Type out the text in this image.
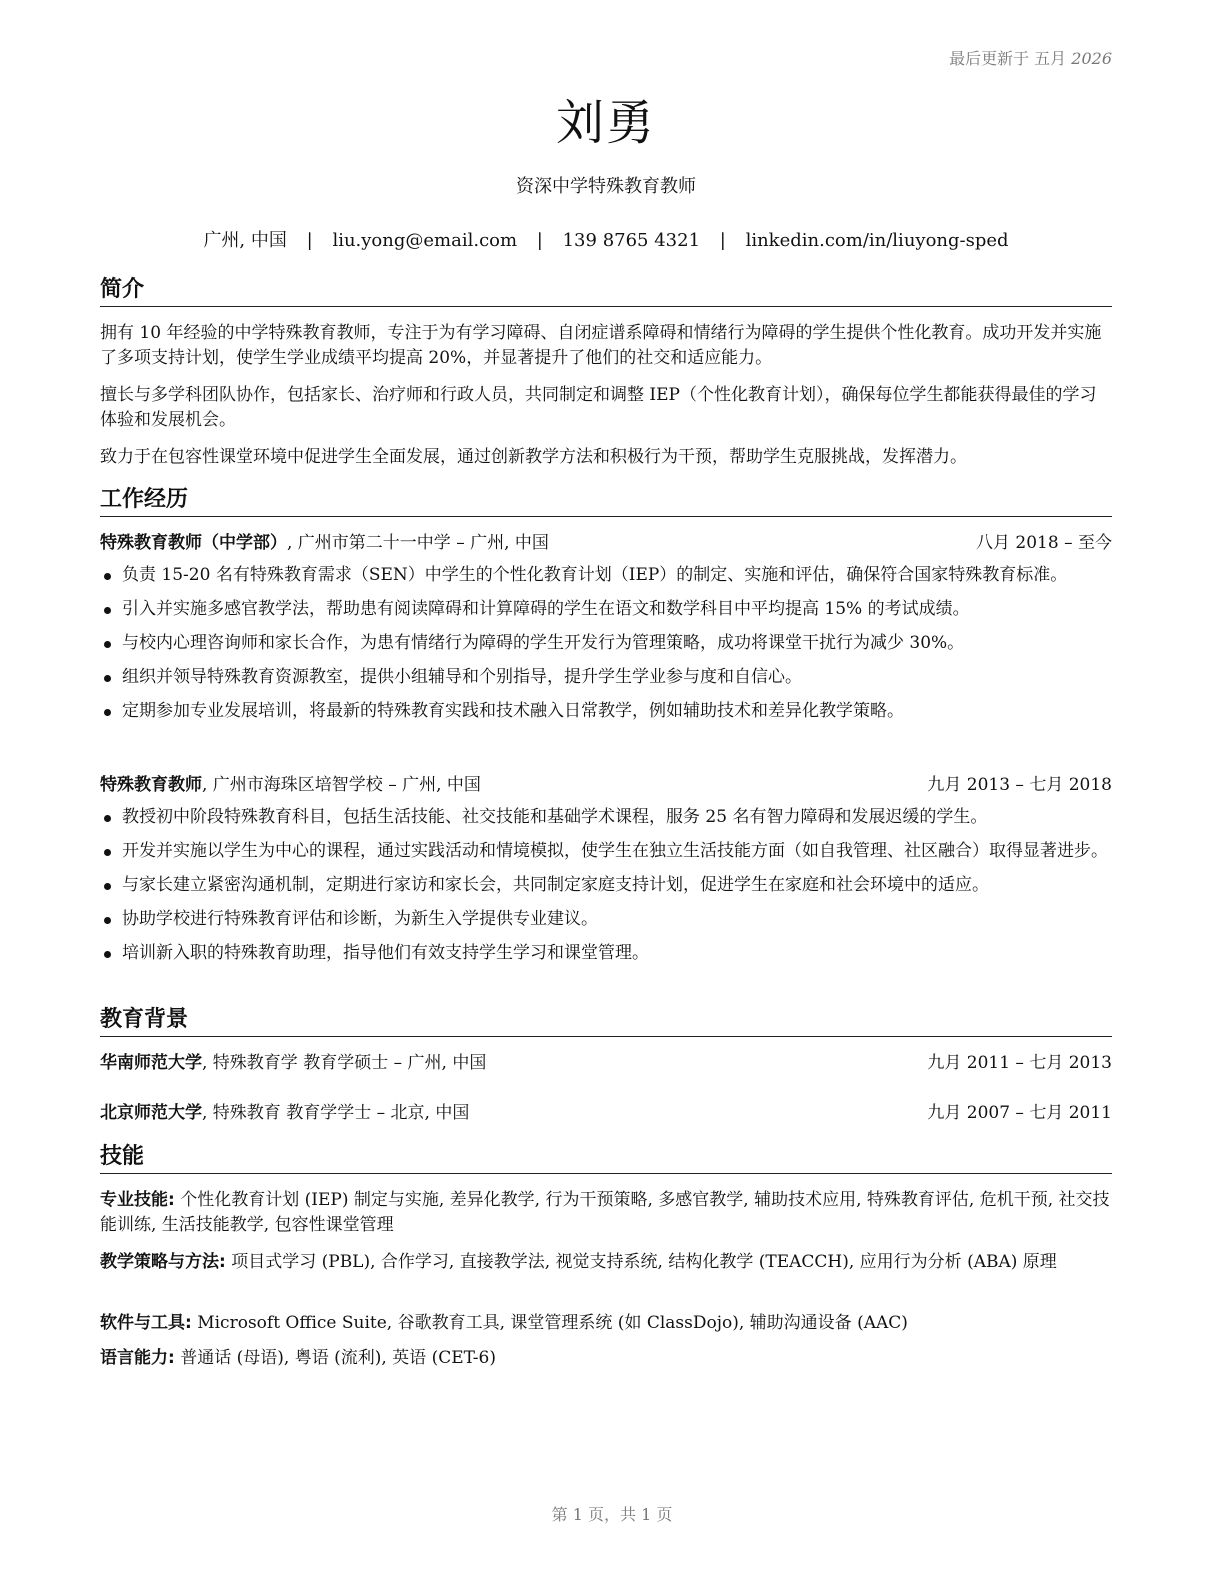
最后更新于 五月 2026
刘勇
资深中学特殊教育教师
广州, 中国 | liu.yong@email.com | 139 8765 4321 | linkedin.com/in/liuyong-sped
简介
拥有 10 年经验的中学特殊教育教师，专注于为有学习障碍、自闭症谱系障碍和情绪行为障碍的学生提供个性化教育。成功开发并实施了多项支持计划，使学生学业成绩平均提高 20%，并显著提升了他们的社交和适应能力。
擅长与多学科团队协作，包括家长、治疗师和行政人员，共同制定和调整 IEP（个性化教育计划），确保每位学生都能获得最佳的学习体验和发展机会。
致力于在包容性课堂环境中促进学生全面发展，通过创新教学方法和积极行为干预，帮助学生克服挑战，发挥潜力。
工作经历
特殊教育教师（中学部）, 广州市第二十一中学 – 广州, 中国	八月 2018 – 至今
负责 15-20 名有特殊教育需求（SEN）中学生的个性化教育计划（IEP）的制定、实施和评估，确保符合国家特殊教育标准。
引入并实施多感官教学法，帮助患有阅读障碍和计算障碍的学生在语文和数学科目中平均提高 15% 的考试成绩。
与校内心理咨询师和家长合作，为患有情绪行为障碍的学生开发行为管理策略，成功将课堂干扰行为减少 30%。
组织并领导特殊教育资源教室，提供小组辅导和个别指导，提升学生学业参与度和自信心。
定期参加专业发展培训，将最新的特殊教育实践和技术融入日常教学，例如辅助技术和差异化教学策略。
特殊教育教师, 广州市海珠区培智学校 – 广州, 中国	九月 2013 – 七月 2018
教授初中阶段特殊教育科目，包括生活技能、社交技能和基础学术课程，服务 25 名有智力障碍和发展迟缓的学生。
开发并实施以学生为中心的课程，通过实践活动和情境模拟，使学生在独立生活技能方面（如自我管理、社区融合）取得显著进步。
与家长建立紧密沟通机制，定期进行家访和家长会，共同制定家庭支持计划，促进学生在家庭和社会环境中的适应。
协助学校进行特殊教育评估和诊断，为新生入学提供专业建议。
培训新入职的特殊教育助理，指导他们有效支持学生学习和课堂管理。
教育背景
华南师范大学, 特殊教育学 教育学硕士 – 广州, 中国	九月 2011 – 七月 2013
北京师范大学, 特殊教育 教育学学士 – 北京, 中国	九月 2007 – 七月 2011
技能
专业技能: 个性化教育计划 (IEP) 制定与实施, 差异化教学, 行为干预策略, 多感官教学, 辅助技术应用, 特殊教育评估, 危机干预, 社交技能训练, 生活技能教学, 包容性课堂管理
教学策略与方法: 项目式学习 (PBL), 合作学习, 直接教学法, 视觉支持系统, 结构化教学 (TEACCH), 应用行为分析 (ABA) 原理
软件与工具: Microsoft Office Suite, 谷歌教育工具, 课堂管理系统 (如 ClassDojo), 辅助沟通设备 (AAC)
语言能力: 普通话 (母语), 粤语 (流利), 英语 (CET-6)
第 1 页，共 1 页
